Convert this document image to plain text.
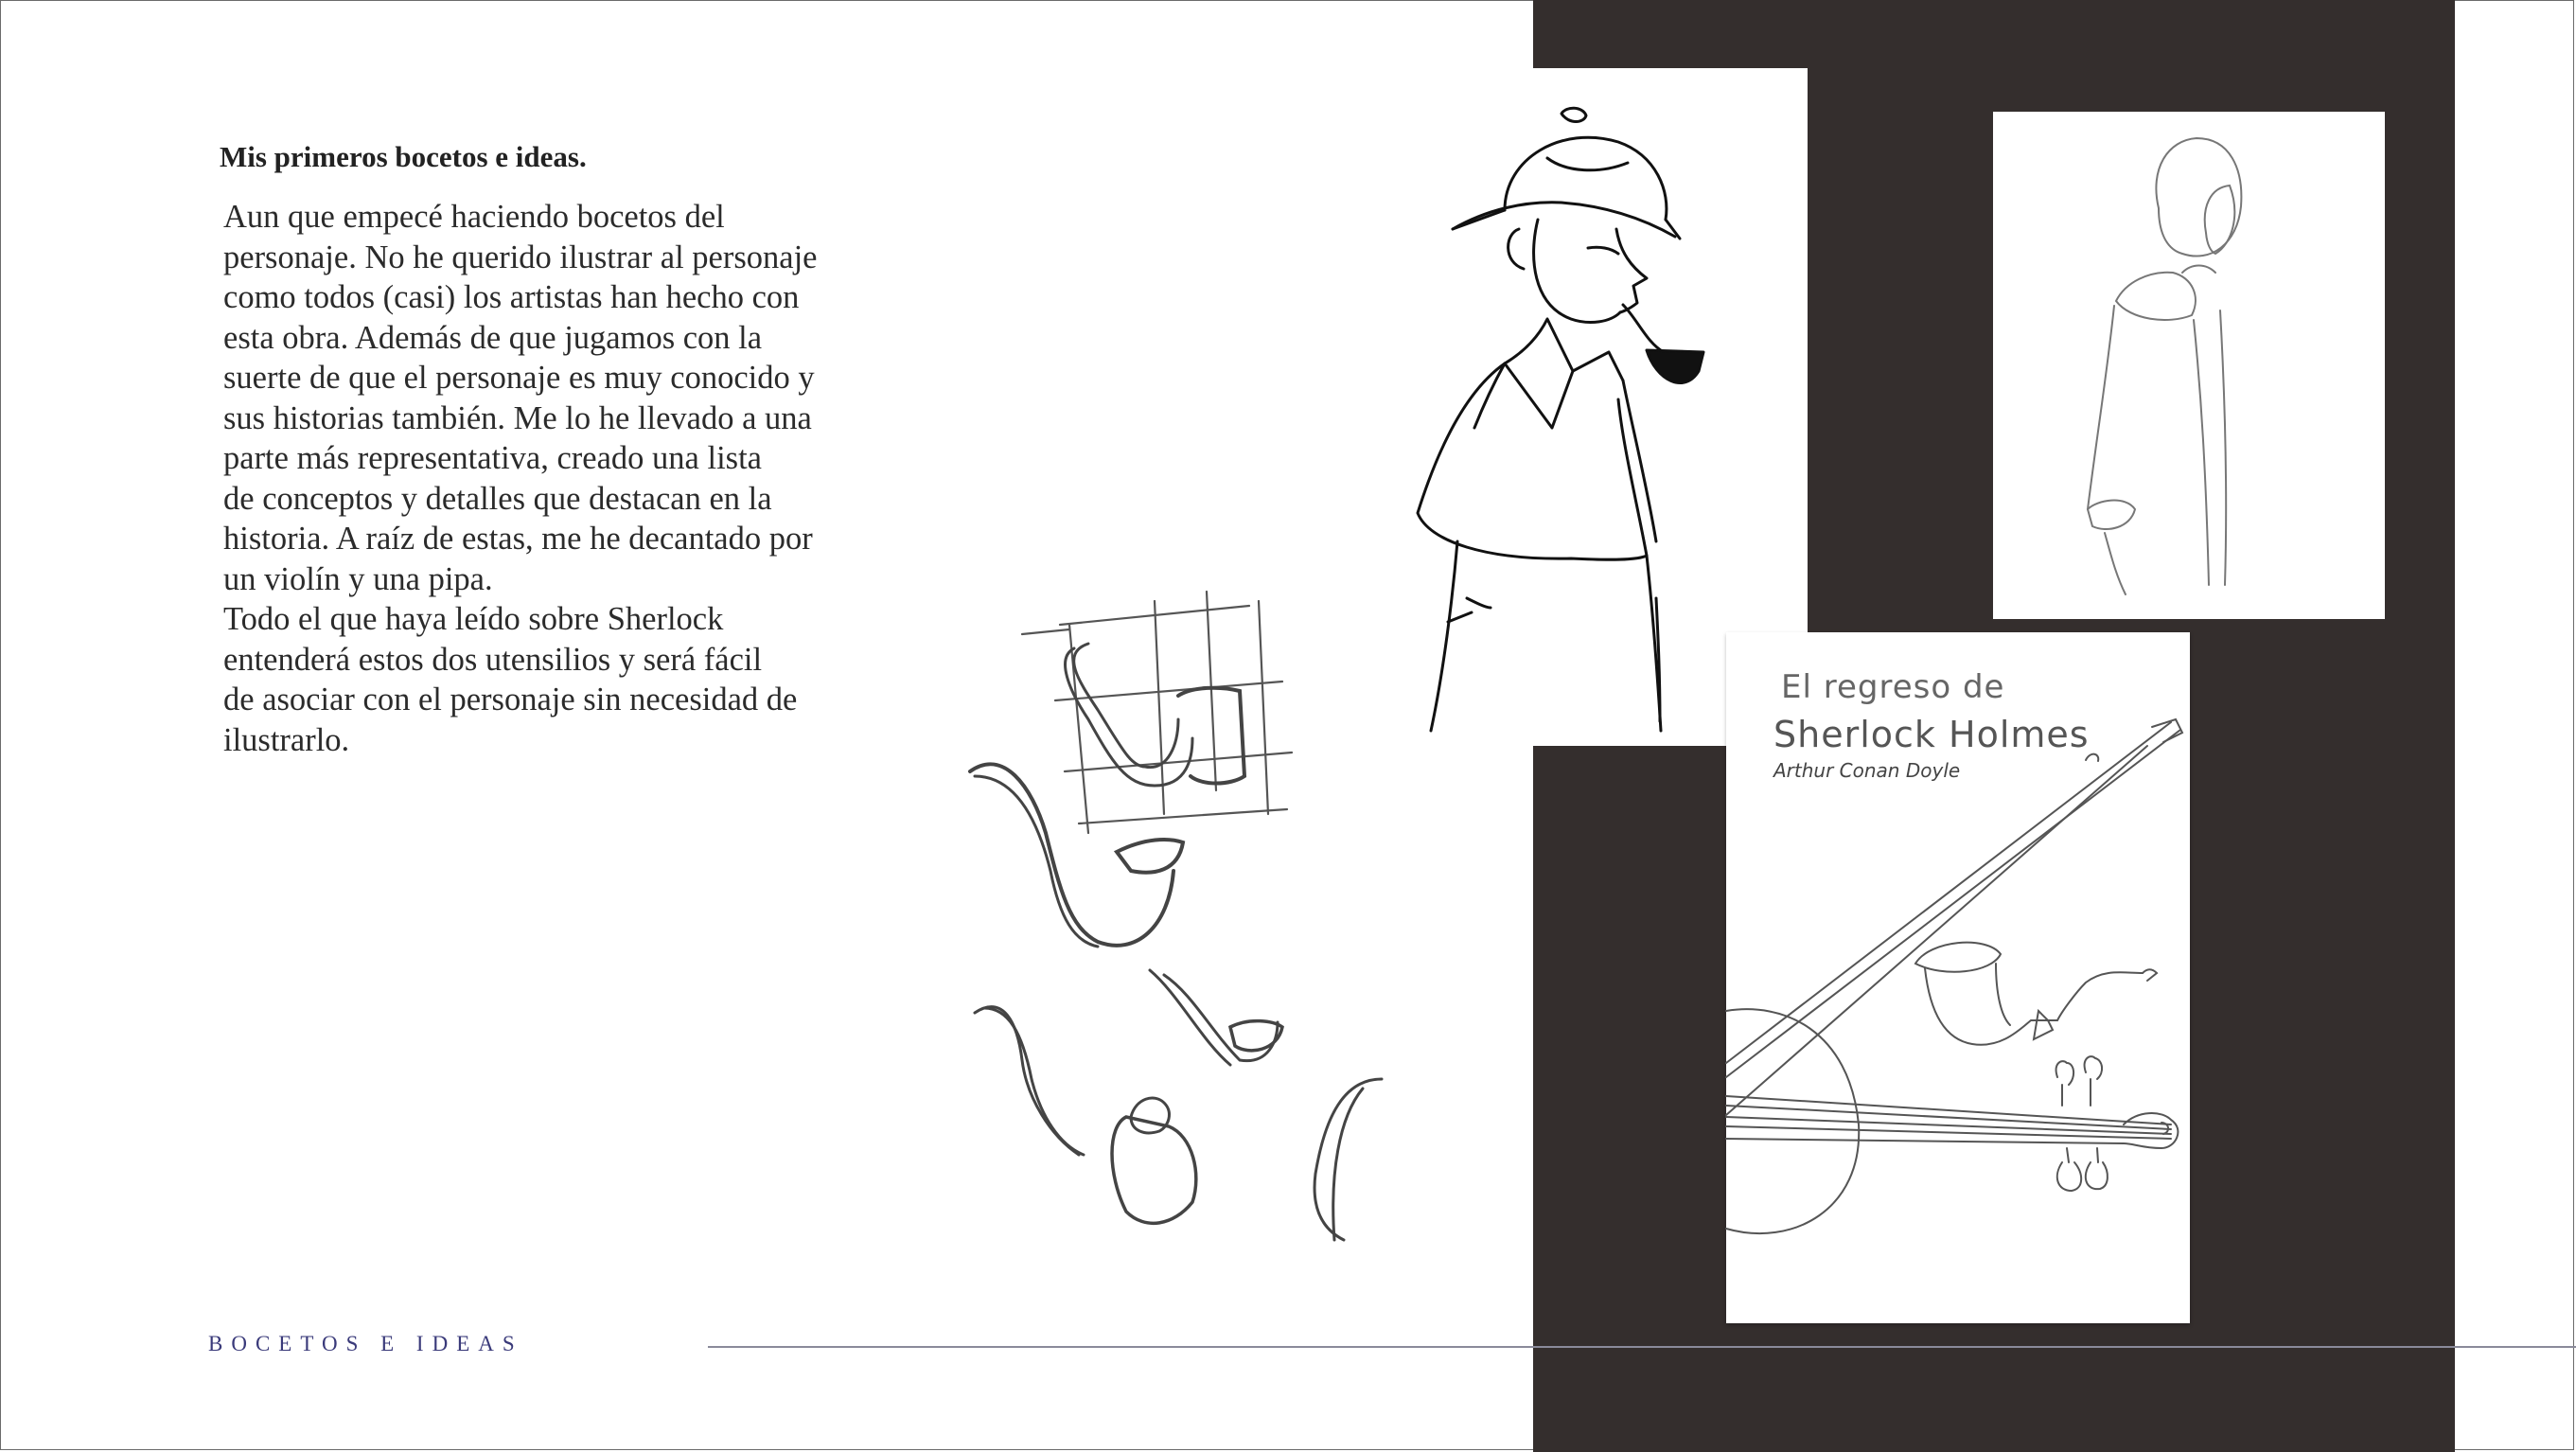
Mis primeros bocetos e ideas.
Aun que empecé haciendo bocetos del
personaje. No he querido ilustrar al personaje
como todos (casi) los artistas han hecho con
esta obra. Además de que jugamos con la
suerte de que el personaje es muy conocido y
sus historias también. Me lo he llevado a una
parte más representativa, creado una lista
de conceptos y detalles que destacan en la
historia. A raíz de estas, me he decantado por
un violín y una pipa.
Todo el que haya leído sobre Sherlock
entenderá estos dos utensilios y será fácil
de asociar con el personaje sin necesidad de
ilustrarlo.
El regreso de
Sherlock Holmes
Arthur Conan Doyle
BOCETOS E IDEAS
